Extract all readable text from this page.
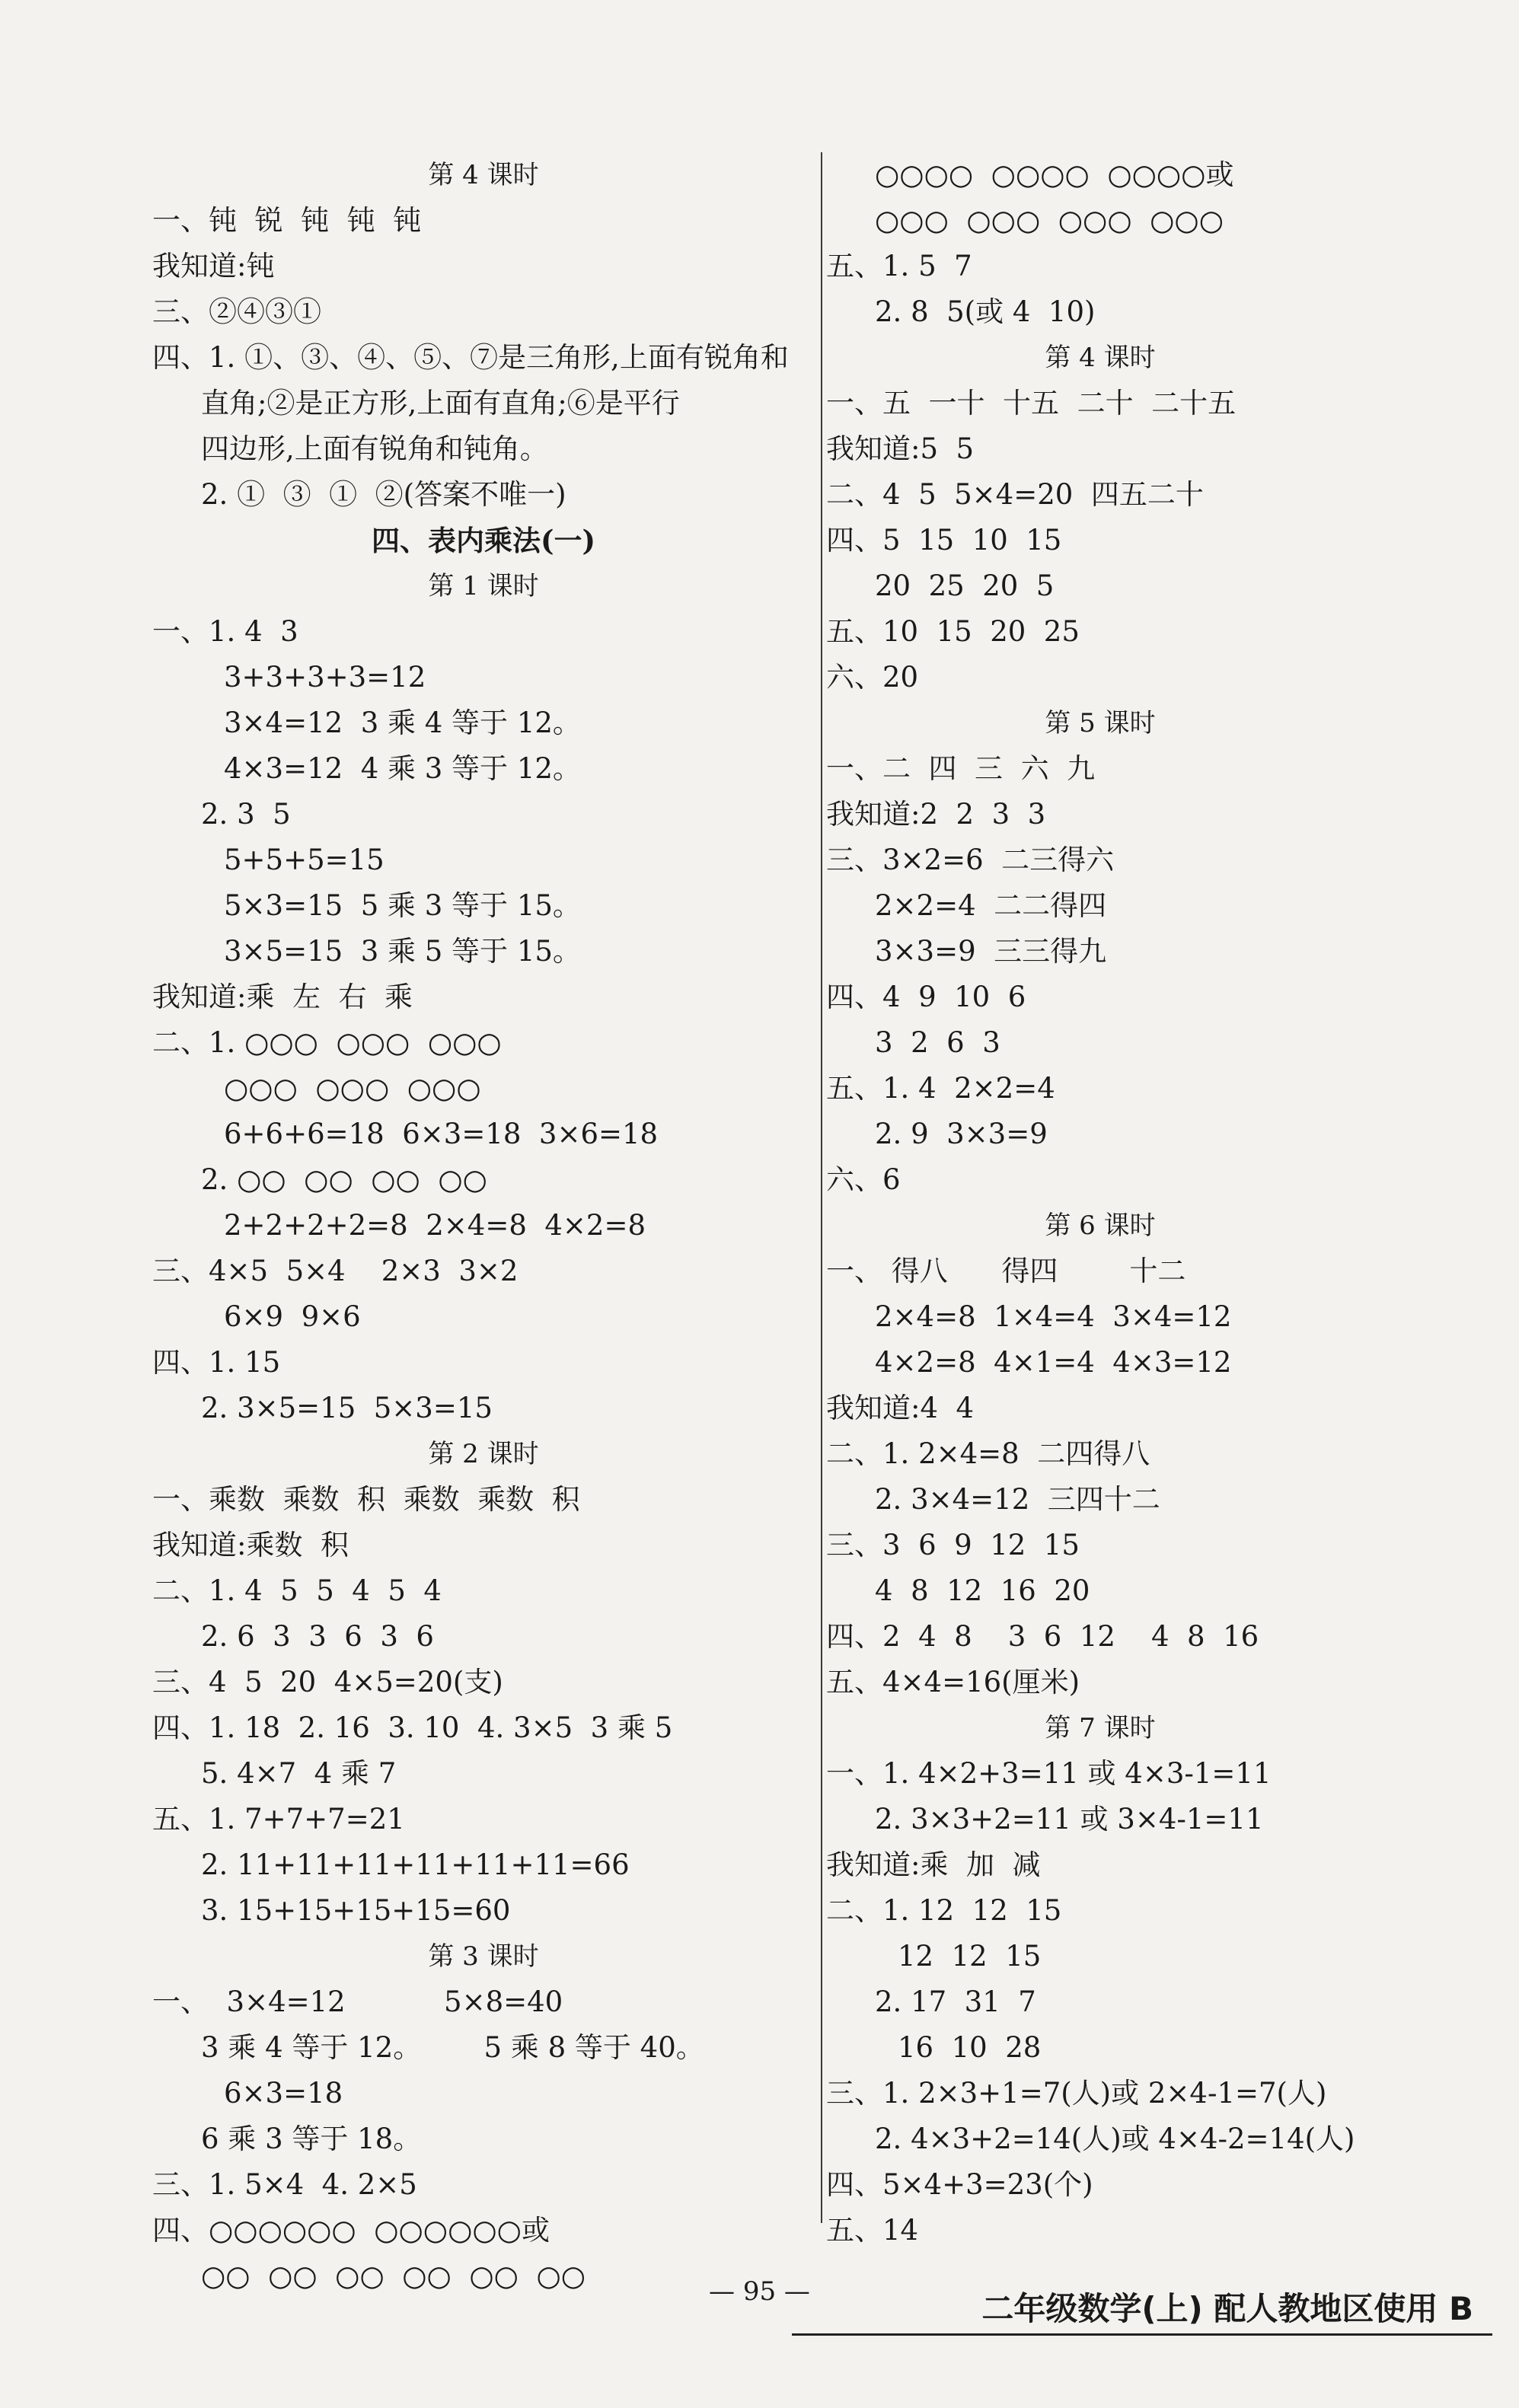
第 4 课时
一、钝  锐  钝  钝  钝
我知道:钝
三、②④③①
四、1. ①、③、④、⑤、⑦是三角形,上面有锐角和
直角;②是正方形,上面有直角;⑥是平行
四边形,上面有锐角和钝角。
2. ①  ③  ①  ②(答案不唯一)
四、表内乘法(一)
第 1 课时
一、1. 4  3
3+3+3+3=12
3×4=12  3 乘 4 等于 12。
4×3=12  4 乘 3 等于 12。
2. 3  5
5+5+5=15
5×3=15  5 乘 3 等于 15。
3×5=15  3 乘 5 等于 15。
我知道:乘  左  右  乘
二、1. ○○○  ○○○  ○○○
○○○  ○○○  ○○○
6+6+6=18  6×3=18  3×6=18
2. ○○  ○○  ○○  ○○
2+2+2+2=8  2×4=8  4×2=8
三、4×5  5×4    2×3  3×2
6×9  9×6
四、1. 15
2. 3×5=15  5×3=15
第 2 课时
一、乘数  乘数  积  乘数  乘数  积
我知道:乘数  积
二、1. 4  5  5  4  5  4
2. 6  3  3  6  3  6
三、4  5  20  4×5=20(支)
四、1. 18  2. 16  3. 10  4. 3×5  3 乘 5
5. 4×7  4 乘 7
五、1. 7+7+7=21
2. 11+11+11+11+11+11=66
3. 15+15+15+15=60
第 3 课时
一、  3×4=12           5×8=40
3 乘 4 等于 12。       5 乘 8 等于 40。
6×3=18
6 乘 3 等于 18。
三、1. 5×4  4. 2×5
四、○○○○○○  ○○○○○○或
○○  ○○  ○○  ○○  ○○  ○○
○○○○  ○○○○  ○○○○或
○○○  ○○○  ○○○  ○○○
五、1. 5  7
2. 8  5(或 4  10)
第 4 课时
一、五  一十  十五  二十  二十五
我知道:5  5
二、4  5  5×4=20  四五二十
四、5  15  10  15
20  25  20  5
五、10  15  20  25
六、20
第 5 课时
一、二  四  三  六  九
我知道:2  2  3  3
三、3×2=6  二三得六
2×2=4  二二得四
3×3=9  三三得九
四、4  9  10  6
3  2  6  3
五、1. 4  2×2=4
2. 9  3×3=9
六、6
第 6 课时
一、 得八      得四        十二
2×4=8  1×4=4  3×4=12
4×2=8  4×1=4  4×3=12
我知道:4  4
二、1. 2×4=8  二四得八
2. 3×4=12  三四十二
三、3  6  9  12  15
4  8  12  16  20
四、2  4  8    3  6  12    4  8  16
五、4×4=16(厘米)
第 7 课时
一、1. 4×2+3=11 或 4×3-1=11
2. 3×3+2=11 或 3×4-1=11
我知道:乘  加  减
二、1. 12  12  15
12  12  15
2. 17  31  7
16  10  28
三、1. 2×3+1=7(人)或 2×4-1=7(人)
2. 4×3+2=14(人)或 4×4-2=14(人)
四、5×4+3=23(个)
五、14
— 95 —	二年级数学(上) 配人教地区使用 B
